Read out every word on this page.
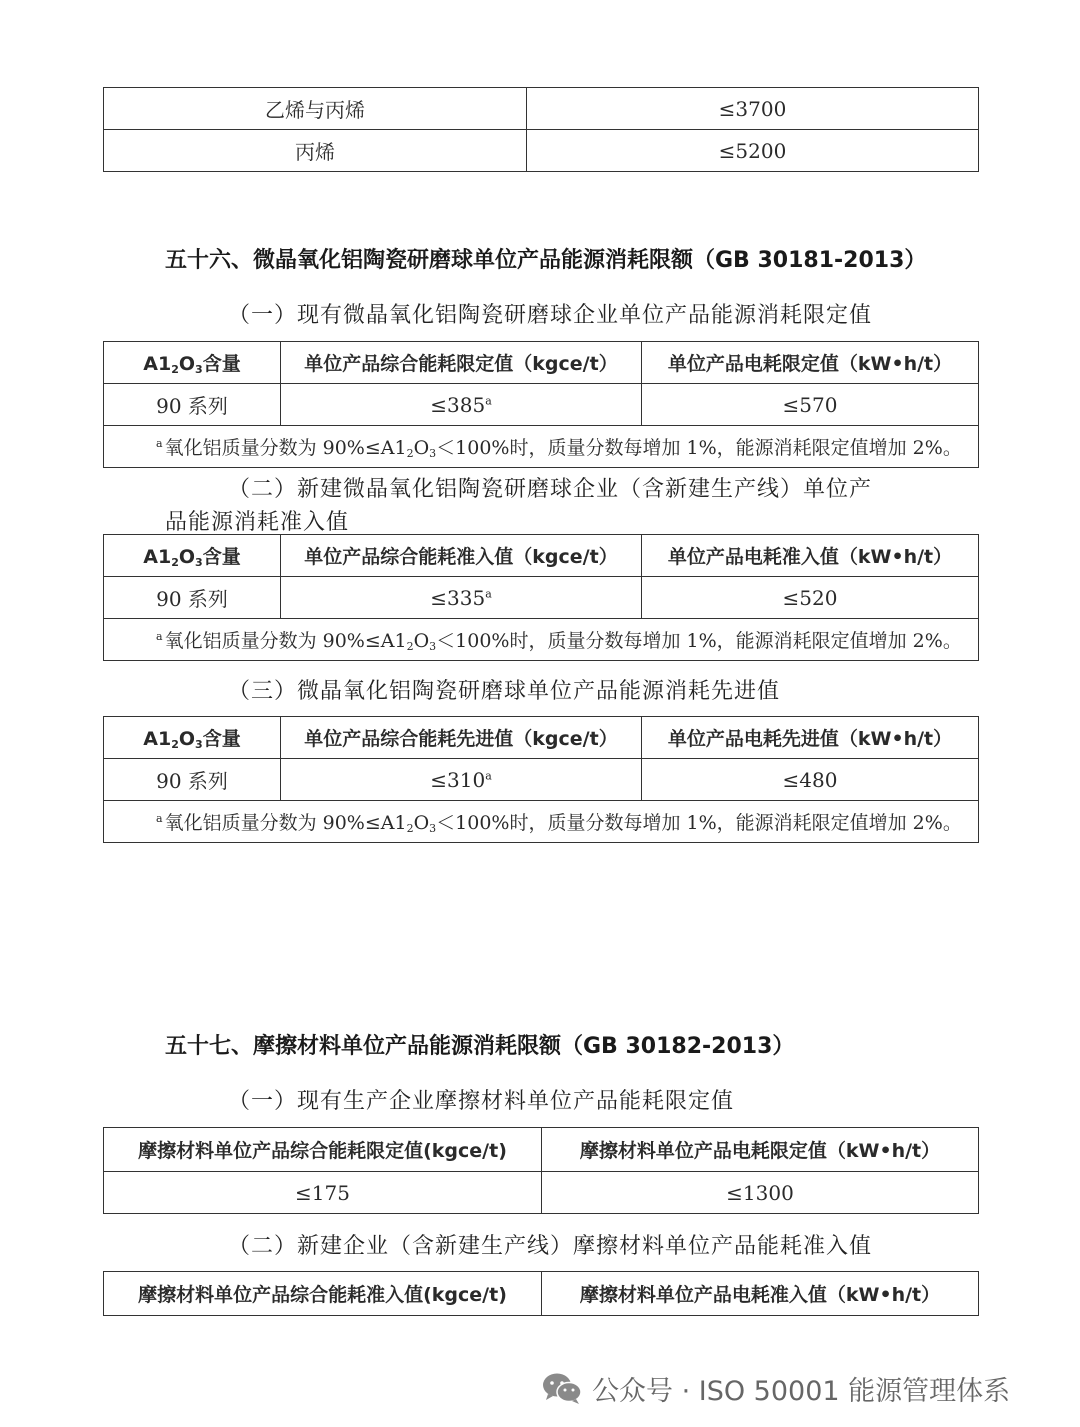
乙烯与丙烯	≤3700
丙烯	≤5200
五十六、微晶氧化铝陶瓷研磨球单位产品能源消耗限额（GB 30181-2013）
（一）现有微晶氧化铝陶瓷研磨球企业单位产品能源消耗限定值
$A1_2O_3$含量	单位产品综合能耗限定值（kgce/t）	单位产品电耗限定值（kW•h/t）
90 系列	$\le 385^a$	≤570
$^a$ 氧化铝质量分数为 $90\%\le A1_2O_3<100\%$时，质量分数每增加 1%，能源消耗限定值增加 2%。		
（二）新建微晶氧化铝陶瓷研磨球企业（含新建生产线）单位产
品能源消耗准入值
$A1_2O_3$含量	单位产品综合能耗准入值（kgce/t）	单位产品电耗准入值（kW•h/t）
90 系列	$\le 335^a$	≤520
$^a$ 氧化铝质量分数为 $90\%\le A1_2O_3<100\%$时，质量分数每增加 1%，能源消耗限定值增加 2%。		
（三）微晶氧化铝陶瓷研磨球单位产品能源消耗先进值
$A1_2O_3$含量	单位产品综合能耗先进值（kgce/t）	单位产品电耗先进值（kW•h/t）
90 系列	$\le 310^a$	≤480
$^a$ 氧化铝质量分数为 $90\%\le A1_2O_3<100\%$时，质量分数每增加 1%，能源消耗限定值增加 2%。		
五十七、摩擦材料单位产品能源消耗限额（GB 30182-2013）
（一）现有生产企业摩擦材料单位产品能耗限定值
摩擦材料单位产品综合能耗限定值(kgce/t)	摩擦材料单位产品电耗限定值（kW•h/t）
≤175	≤1300
（二）新建企业（含新建生产线）摩擦材料单位产品能耗准入值
摩擦材料单位产品综合能耗准入值(kgce/t)	摩擦材料单位产品电耗准入值（kW•h/t）
公众号 · ISO 50001 能源管理体系
